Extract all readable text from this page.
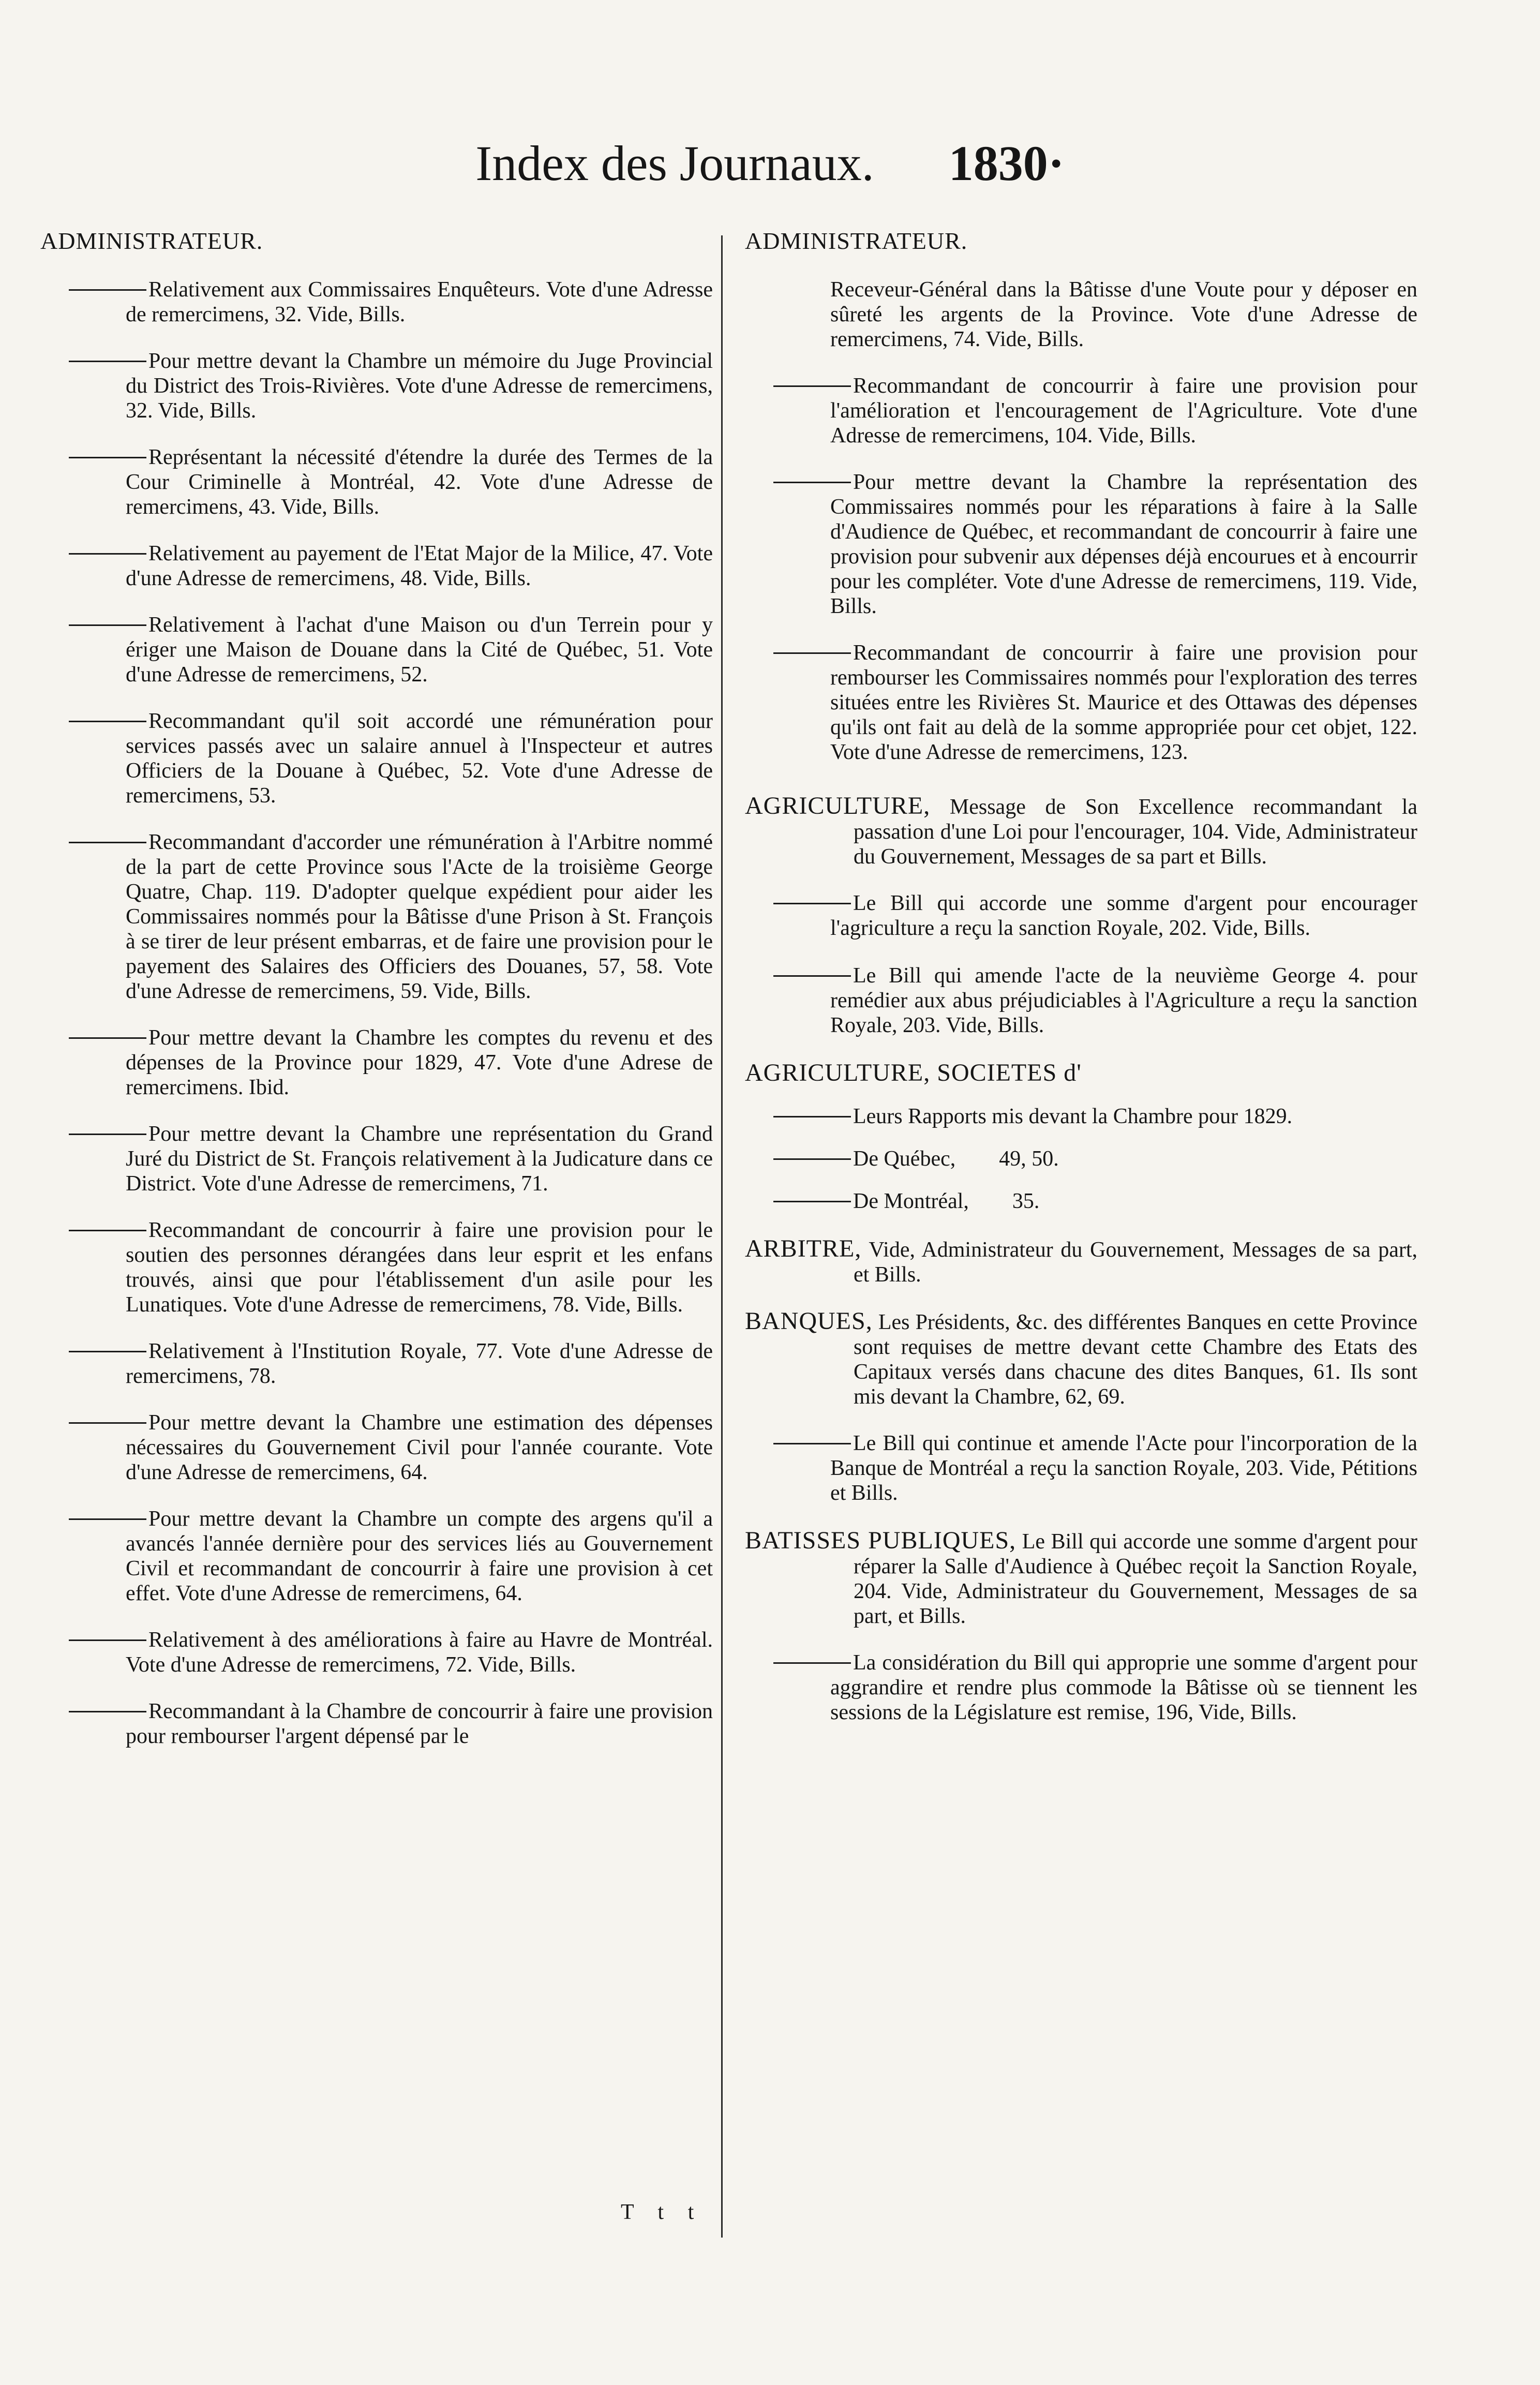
Index des Journaux. 1830·
ADMINISTRATEUR.
Relativement aux Commissaires Enquêteurs. Vote d'une Adresse de remercimens, 32. Vide, Bills.
Pour mettre devant la Chambre un mémoire du Juge Provincial du District des Trois-Rivières. Vote d'une Adresse de remercimens, 32. Vide, Bills.
Représentant la nécessité d'étendre la durée des Termes de la Cour Criminelle à Montréal, 42. Vote d'une Adresse de remercimens, 43. Vide, Bills.
Relativement au payement de l'Etat Major de la Milice, 47. Vote d'une Adresse de remercimens, 48. Vide, Bills.
Relativement à l'achat d'une Maison ou d'un Terrein pour y ériger une Maison de Douane dans la Cité de Québec, 51. Vote d'une Adresse de remercimens, 52.
Recommandant qu'il soit accordé une rémunération pour services passés avec un salaire annuel à l'Inspecteur et autres Officiers de la Douane à Québec, 52. Vote d'une Adresse de remercimens, 53.
Recommandant d'accorder une rémunération à l'Arbitre nommé de la part de cette Province sous l'Acte de la troisième George Quatre, Chap. 119. D'adopter quelque expédient pour aider les Commissaires nommés pour la Bâtisse d'une Prison à St. François à se tirer de leur présent embarras, et de faire une provision pour le payement des Salaires des Officiers des Douanes, 57, 58. Vote d'une Adresse de remercimens, 59. Vide, Bills.
Pour mettre devant la Chambre les comptes du revenu et des dépenses de la Province pour 1829, 47. Vote d'une Adrese de remercimens. Ibid.
Pour mettre devant la Chambre une représentation du Grand Juré du District de St. François relativement à la Judicature dans ce District. Vote d'une Adresse de remercimens, 71.
Recommandant de concourrir à faire une provision pour le soutien des personnes dérangées dans leur esprit et les enfans trouvés, ainsi que pour l'établissement d'un asile pour les Lunatiques. Vote d'une Adresse de remercimens, 78. Vide, Bills.
Relativement à l'Institution Royale, 77. Vote d'une Adresse de remercimens, 78.
Pour mettre devant la Chambre une estimation des dépenses nécessaires du Gouvernement Civil pour l'année courante. Vote d'une Adresse de remercimens, 64.
Pour mettre devant la Chambre un compte des argens qu'il a avancés l'année dernière pour des services liés au Gouvernement Civil et recommandant de concourrir à faire une provision à cet effet. Vote d'une Adresse de remercimens, 64.
Relativement à des améliorations à faire au Havre de Montréal. Vote d'une Adresse de remercimens, 72. Vide, Bills.
Recommandant à la Chambre de concourrir à faire une provision pour rembourser l'argent dépensé par le
ADMINISTRATEUR.
Receveur-Général dans la Bâtisse d'une Voute pour y déposer en sûreté les argents de la Province. Vote d'une Adresse de remercimens, 74. Vide, Bills.
Recommandant de concourrir à faire une provision pour l'amélioration et l'encouragement de l'Agriculture. Vote d'une Adresse de remercimens, 104. Vide, Bills.
Pour mettre devant la Chambre la représentation des Commissaires nommés pour les réparations à faire à la Salle d'Audience de Québec, et recommandant de concourrir à faire une provision pour subvenir aux dépenses déjà encourues et à encourrir pour les compléter. Vote d'une Adresse de remercimens, 119. Vide, Bills.
Recommandant de concourrir à faire une provision pour rembourser les Commissaires nommés pour l'exploration des terres situées entre les Rivières St. Maurice et des Ottawas des dépenses qu'ils ont fait au delà de la somme appropriée pour cet objet, 122. Vote d'une Adresse de remercimens, 123.
AGRICULTURE, Message de Son Excellence recommandant la passation d'une Loi pour l'encourager, 104. Vide, Administrateur du Gouvernement, Messages de sa part et Bills.
Le Bill qui accorde une somme d'argent pour encourager l'agriculture a reçu la sanction Royale, 202. Vide, Bills.
Le Bill qui amende l'acte de la neuvième George 4. pour remédier aux abus préjudiciables à l'Agriculture a reçu la sanction Royale, 203. Vide, Bills.
AGRICULTURE, SOCIETES d'
Leurs Rapports mis devant la Chambre pour 1829.
De Québec,        49, 50.
De Montréal,        35.
ARBITRE, Vide, Administrateur du Gouvernement, Messages de sa part, et Bills.
BANQUES, Les Présidents, &c. des différentes Banques en cette Province sont requises de mettre devant cette Chambre des Etats des Capitaux versés dans chacune des dites Banques, 61. Ils sont mis devant la Chambre, 62, 69.
Le Bill qui continue et amende l'Acte pour l'incorporation de la Banque de Montréal a reçu la sanction Royale, 203. Vide, Pétitions et Bills.
BATISSES PUBLIQUES, Le Bill qui accorde une somme d'argent pour réparer la Salle d'Audience à Québec reçoit la Sanction Royale, 204. Vide, Administrateur du Gouvernement, Messages de sa part, et Bills.
La considération du Bill qui approprie une somme d'argent pour aggrandire et rendre plus commode la Bâtisse où se tiennent les sessions de la Législature est remise, 196, Vide, Bills.
T t t
